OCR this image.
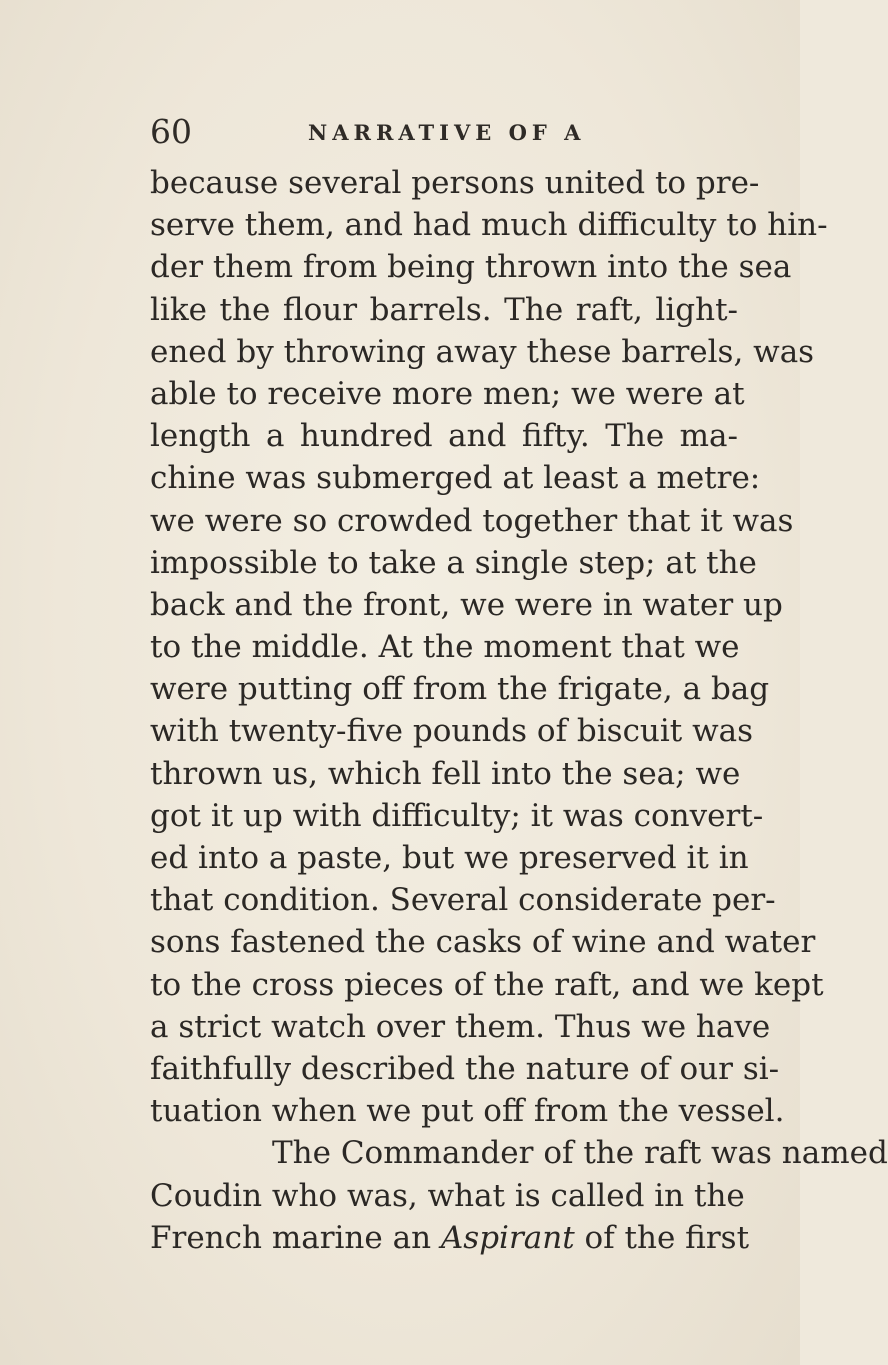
60	NARRATIVE OF A
because several persons united to pre-
serve them, and had much difficulty to hin-
der them from being thrown into the sea
like the flour barrels. The raft, light-
ened by throwing away these barrels, was
able to receive more men; we were at
length a hundred and fifty. The ma-
chine was submerged at least a metre:
we were so crowded together that it was
impossible to take a single step; at the
back and the front, we were in water up
to the middle. At the moment that we
were putting off from the frigate, a bag
with twenty-five pounds of biscuit was
thrown us, which fell into the sea; we
got it up with difficulty; it was convert-
ed into a paste, but we preserved it in
that condition. Several considerate per-
sons fastened the casks of wine and water
to the cross pieces of the raft, and we kept
a strict watch over them. Thus we have
faithfully described the nature of our si-
tuation when we put off from the vessel.
The Commander of the raft was named
Coudin who was, what is called in the
French marine an Aspirant of the first
